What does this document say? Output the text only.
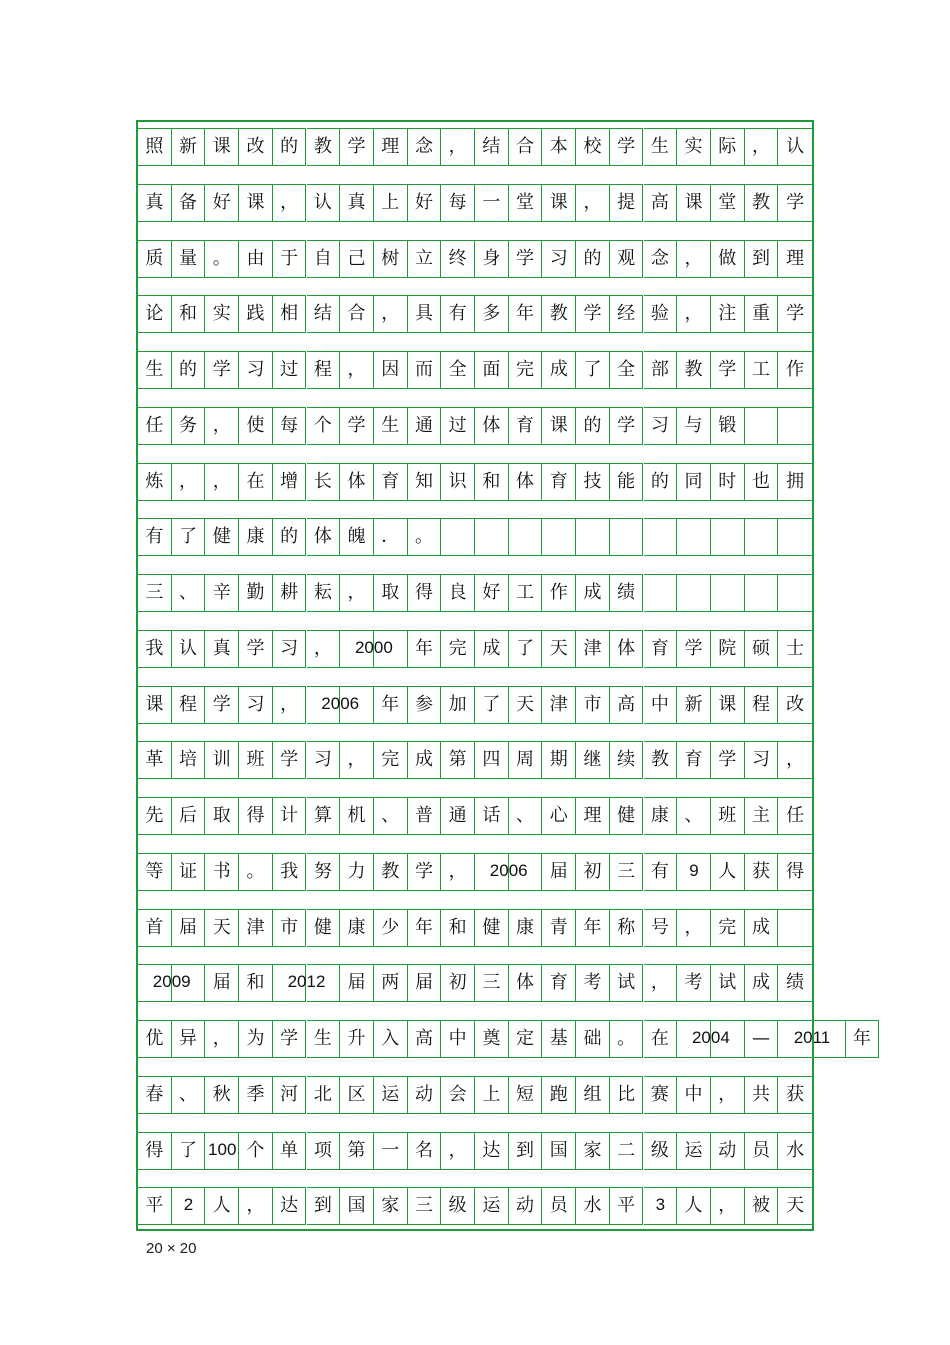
照 新 课 改 的 教 学 理 念 ， 结 合 本 校 学 生 实 际 ， 认
真 备 好 课 ， 认 真 上 好 每 一 堂 课 ， 提 高 课 堂 教 学
质 量 。 由 于 自 己 树 立 终 身 学 习 的 观 念 ， 做 到 理
论 和 实 践 相 结 合 ， 具 有 多 年 教 学 经 验 ， 注 重 学
生 的 学 习 过 程 ， 因 而 全 面 完 成 了 全 部 教 学 工 作
任 务 ， 使 每 个 学 生 通 过 体 育 课 的 学 习 与 锻
炼 ， ， 在 增 长 体 育 知 识 和 体 育 技 能 的 同 时 也 拥
有 了 健 康 的 体 魄 ． 。
三 、 辛 勤 耕 耘 ， 取 得 良 好 工 作 成 绩
我 认 真 学 习 ，	2000	年 完 成 了 天 津 体 育 学 院 硕 士
课 程 学 习 ，	2006	年 参 加 了 天 津 市 高 中 新 课 程 改
革 培 训 班 学 习 ， 完 成 第 四 周 期 继 续 教 育 学 习 ，
先 后 取 得 计 算 机 、 普 通 话 、 心 理 健 康 、 班 主 任
等 证 书 。 我 努 力 教 学 ，	2006	届 初 三 有	9	人 获 得
首 届 天 津 市 健 康 少 年 和 健 康 青 年 称 号 ， 完 成
2009	届 和	2012	届 两 届 初 三 体 育 考 试 ， 考 试 成 绩
优 异 ， 为 学 生 升 入 高 中 奠 定 基 础 。 在	2004	—	2011	年
春 、 秋 季 河 北 区 运 动 会 上 短 跑 组 比 赛 中 ， 共 获
得 了 100 个 单 项 第 一 名 ， 达 到 国 家 二 级 运 动 员 水
平	2	人 ， 达 到 国 家 三 级 运 动 员 水 平	3	人 ， 被 天
20 × 20
